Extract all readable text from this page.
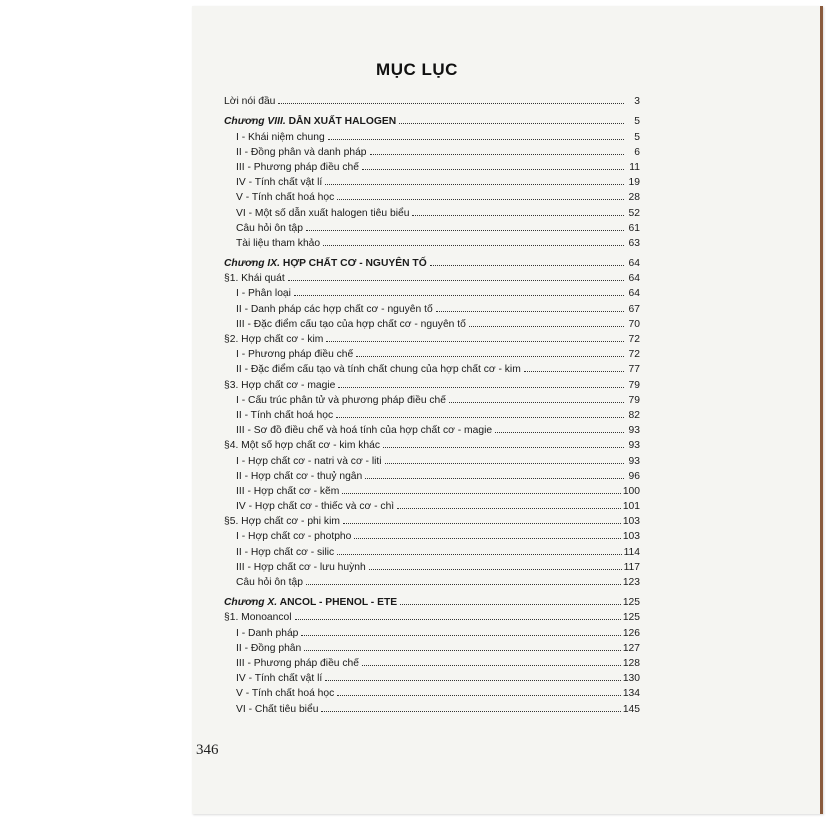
MỤC LỤC
Lời nói đầu	3
Chương VIII. DẪN XUẤT HALOGEN	5
I - Khái niệm chung	5
II - Đồng phân và danh pháp	6
III - Phương pháp điều chế	11
IV - Tính chất vật lí	19
V - Tính chất hoá học	28
VI - Một số dẫn xuất halogen tiêu biểu	52
Câu hỏi ôn tập	61
Tài liệu tham khảo	63
Chương IX. HỢP CHẤT CƠ - NGUYÊN TỐ	64
§1. Khái quát	64
I - Phân loại	64
II - Danh pháp các hợp chất cơ - nguyên tố	67
III - Đặc điểm cấu tạo của hợp chất cơ - nguyên tố	70
§2. Hợp chất cơ - kim	72
I - Phương pháp điều chế	72
II - Đặc điểm cấu tạo và tính chất chung của hợp chất cơ - kim	77
§3. Hợp chất cơ - magie	79
I - Cấu trúc phân tử và phương pháp điều chế	79
II - Tính chất hoá học	82
III - Sơ đồ điều chế và hoá tính của hợp chất cơ - magie	93
§4. Một số hợp chất cơ - kim khác	93
I - Hợp chất cơ - natri và cơ - liti	93
II - Hợp chất cơ - thuỷ ngân	96
III - Hợp chất cơ - kẽm	100
IV - Hợp chất cơ - thiếc và cơ - chì	101
§5. Hợp chất cơ - phi kim	103
I - Hợp chất cơ - photpho	103
II - Hợp chất cơ - silic	114
III - Hợp chất cơ - lưu huỳnh	117
Câu hỏi ôn tập	123
Chương X. ANCOL - PHENOL - ETE	125
§1. Monoancol	125
I - Danh pháp	126
II - Đồng phân	127
III - Phương pháp điều chế	128
IV - Tính chất vật lí	130
V - Tính chất hoá học	134
VI - Chất tiêu biểu	145
346
